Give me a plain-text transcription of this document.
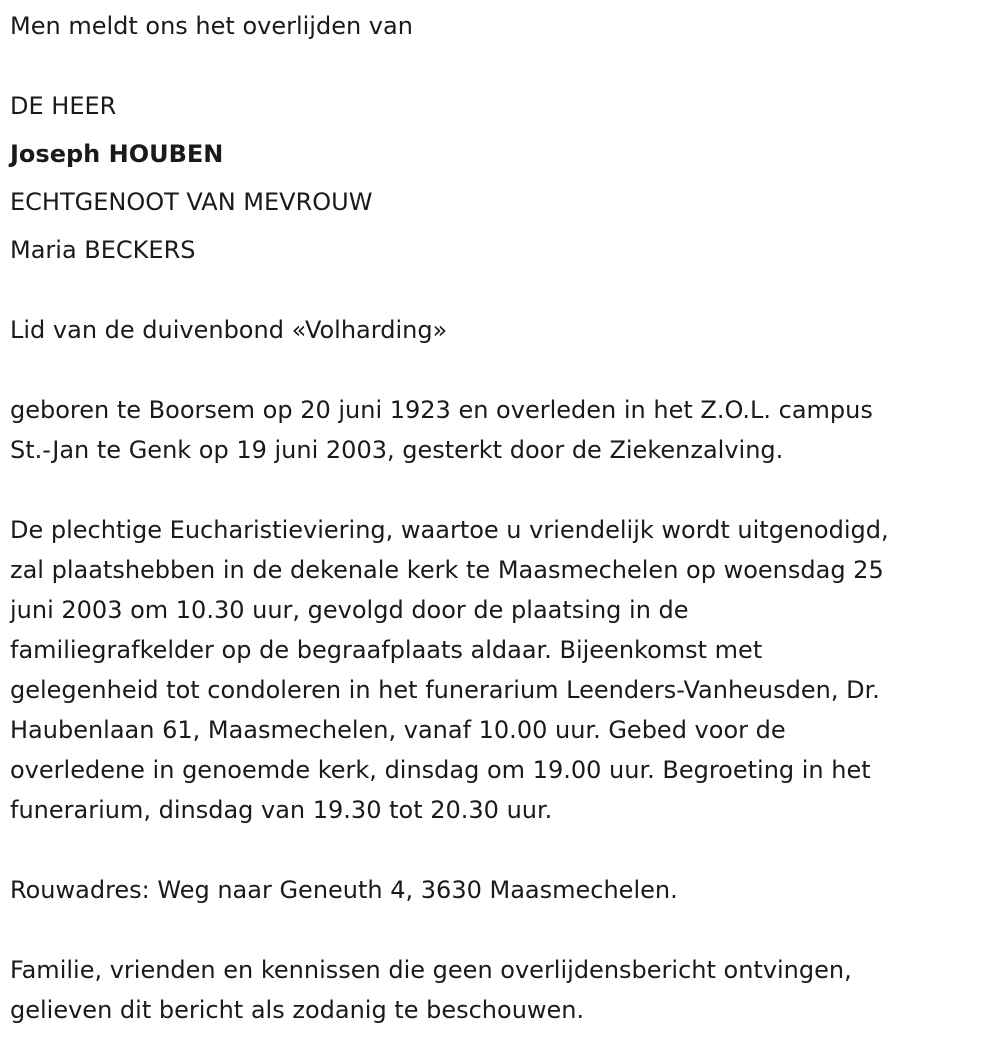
Men meldt ons het overlijden van
DE HEER
Joseph HOUBEN
ECHTGENOOT VAN MEVROUW
Maria BECKERS
Lid van de duivenbond «Volharding»
geboren te Boorsem op 20 juni 1923 en overleden in het Z.O.L. campus
St.-Jan te Genk op 19 juni 2003, gesterkt door de Ziekenzalving.
De plechtige Eucharistieviering, waartoe u vriendelijk wordt uitgenodigd,
zal plaatshebben in de dekenale kerk te Maasmechelen op woensdag 25
juni 2003 om 10.30 uur, gevolgd door de plaatsing in de
familiegrafkelder op de begraafplaats aldaar. Bijeenkomst met
gelegenheid tot condoleren in het funerarium Leenders-Vanheusden, Dr.
Haubenlaan 61, Maasmechelen, vanaf 10.00 uur. Gebed voor de
overledene in genoemde kerk, dinsdag om 19.00 uur. Begroeting in het
funerarium, dinsdag van 19.30 tot 20.30 uur.
Rouwadres: Weg naar Geneuth 4, 3630 Maasmechelen.
Familie, vrienden en kennissen die geen overlijdensbericht ontvingen,
gelieven dit bericht als zodanig te beschouwen.
